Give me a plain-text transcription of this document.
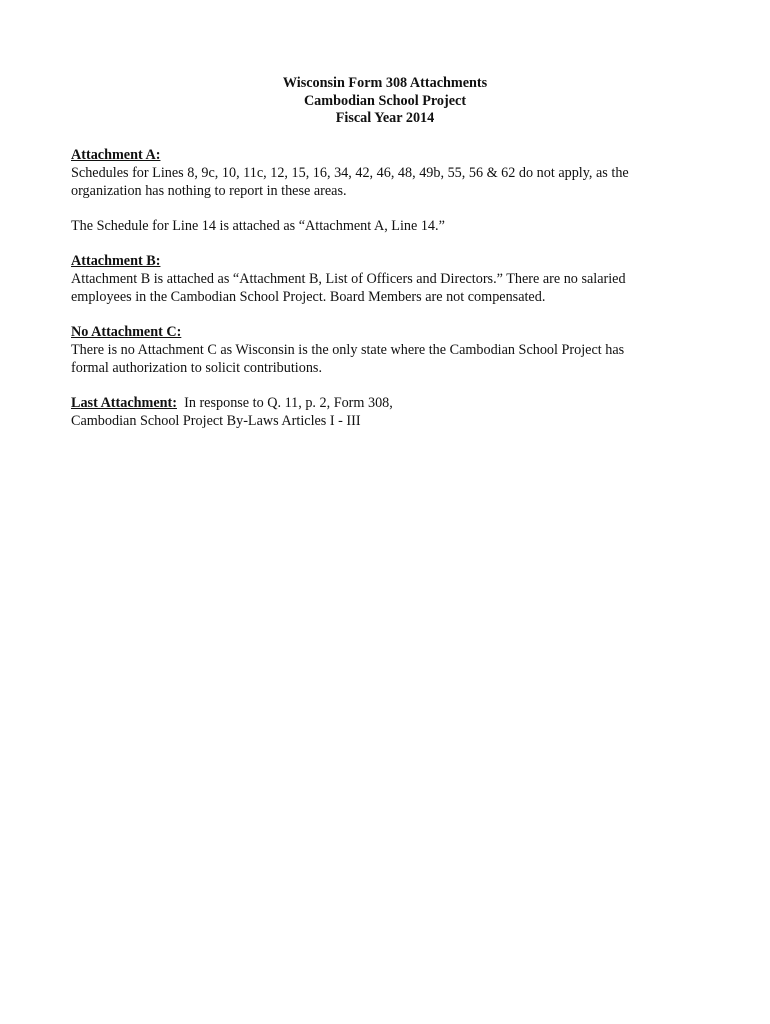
Wisconsin Form 308 Attachments
Cambodian School Project
Fiscal Year 2014
Attachment A:
Schedules for Lines 8, 9c, 10, 11c, 12, 15, 16, 34, 42, 46, 48, 49b, 55, 56 & 62 do not apply, as the
organization has nothing to report in these areas.
The Schedule for Line 14 is attached as “Attachment A, Line 14.”
Attachment B:
Attachment B is attached as “Attachment B, List of Officers and Directors.” There are no salaried
employees in the Cambodian School Project. Board Members are not compensated.
No Attachment C:
There is no Attachment C as Wisconsin is the only state where the Cambodian School Project has
formal authorization to solicit contributions.
Last Attachment:  In response to Q. 11, p. 2, Form 308,
Cambodian School Project By-Laws Articles I - III
